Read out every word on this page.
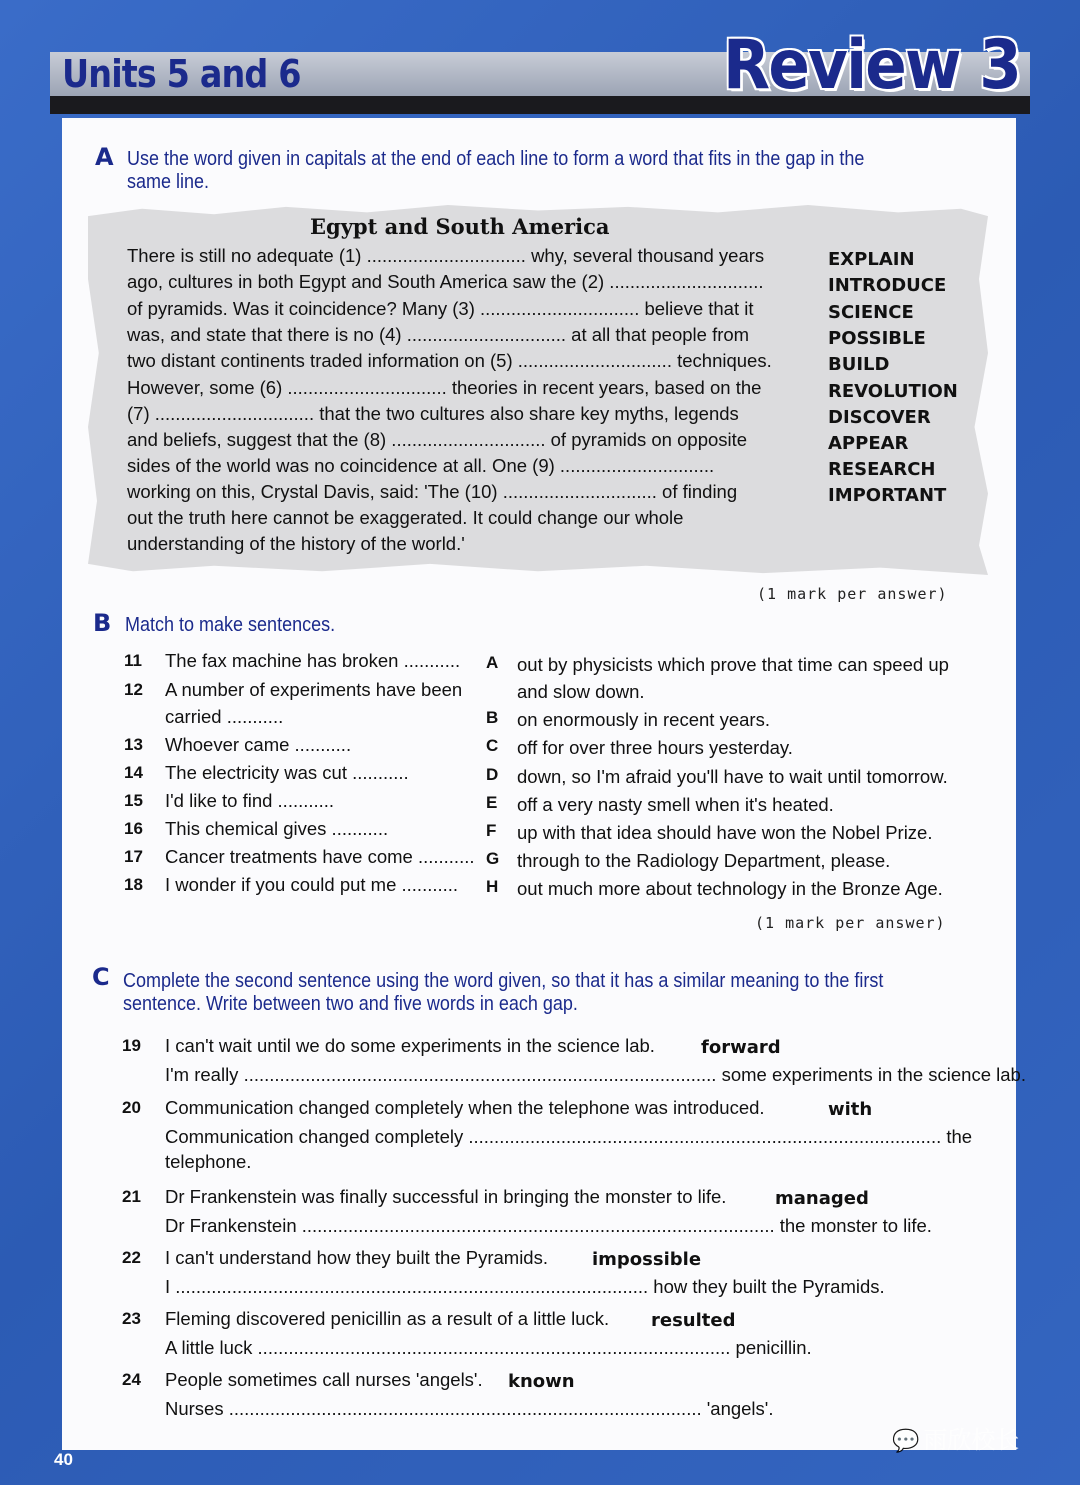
Units 5 and 6	Review 3
A Use the word given in capitals at the end of each line to form a word that fits in the gap in the
same line.
Egypt and South America
There is still no adequate (1) ............................... why, several thousand years
ago, cultures in both Egypt and South America saw the (2) ..............................
of pyramids. Was it coincidence? Many (3) ............................... believe that it
was, and state that there is no (4) ............................... at all that people from
two distant continents traded information on (5) .............................. techniques.
However, some (6) ............................... theories in recent years, based on the
(7) ............................... that the two cultures also share key myths, legends
and beliefs, suggest that the (8) .............................. of pyramids on opposite
sides of the world was no coincidence at all. One (9) ..............................
working on this, Crystal Davis, said: 'The (10) .............................. of finding
out the truth here cannot be exaggerated. It could change our whole
understanding of the history of the world.'
EXPLAIN
INTRODUCE
SCIENCE
POSSIBLE
BUILD
REVOLUTION
DISCOVER
APPEAR
RESEARCH
IMPORTANT
(1 mark per answer)
B Match to make sentences.
11 The fax machine has broken ...........
12 A number of experiments have been
carried ...........
13 Whoever came ...........
14 The electricity was cut ...........
15 I'd like to find ...........
16 This chemical gives ...........
17 Cancer treatments have come ...........
18 I wonder if you could put me ...........
A out by physicists which prove that time can speed up
and slow down.
B on enormously in recent years.
C off for over three hours yesterday.
D down, so I'm afraid you'll have to wait until tomorrow.
E off a very nasty smell when it's heated.
F up with that idea should have won the Nobel Prize.
G through to the Radiology Department, please.
H out much more about technology in the Bronze Age.
(1 mark per answer)
C Complete the second sentence using the word given, so that it has a similar meaning to the first
sentence. Write between two and five words in each gap.
19 I can't wait until we do some experiments in the science lab.	forward
I'm really ............................................................................................ some experiments in the science lab.
20 Communication changed completely when the telephone was introduced.	with
Communication changed completely ............................................................................................ the
telephone.
21 Dr Frankenstein was finally successful in bringing the monster to life.	managed
Dr Frankenstein ............................................................................................ the monster to life.
22 I can't understand how they built the Pyramids. impossible
I ............................................................................................ how they built the Pyramids.
23 Fleming discovered penicillin as a result of a little luck. resulted
A little luck ............................................................................................ penicillin.
24 People sometimes call nurses 'angels'. known
Nurses ............................................................................................ 'angels'.
40
💬 雨欣校长
